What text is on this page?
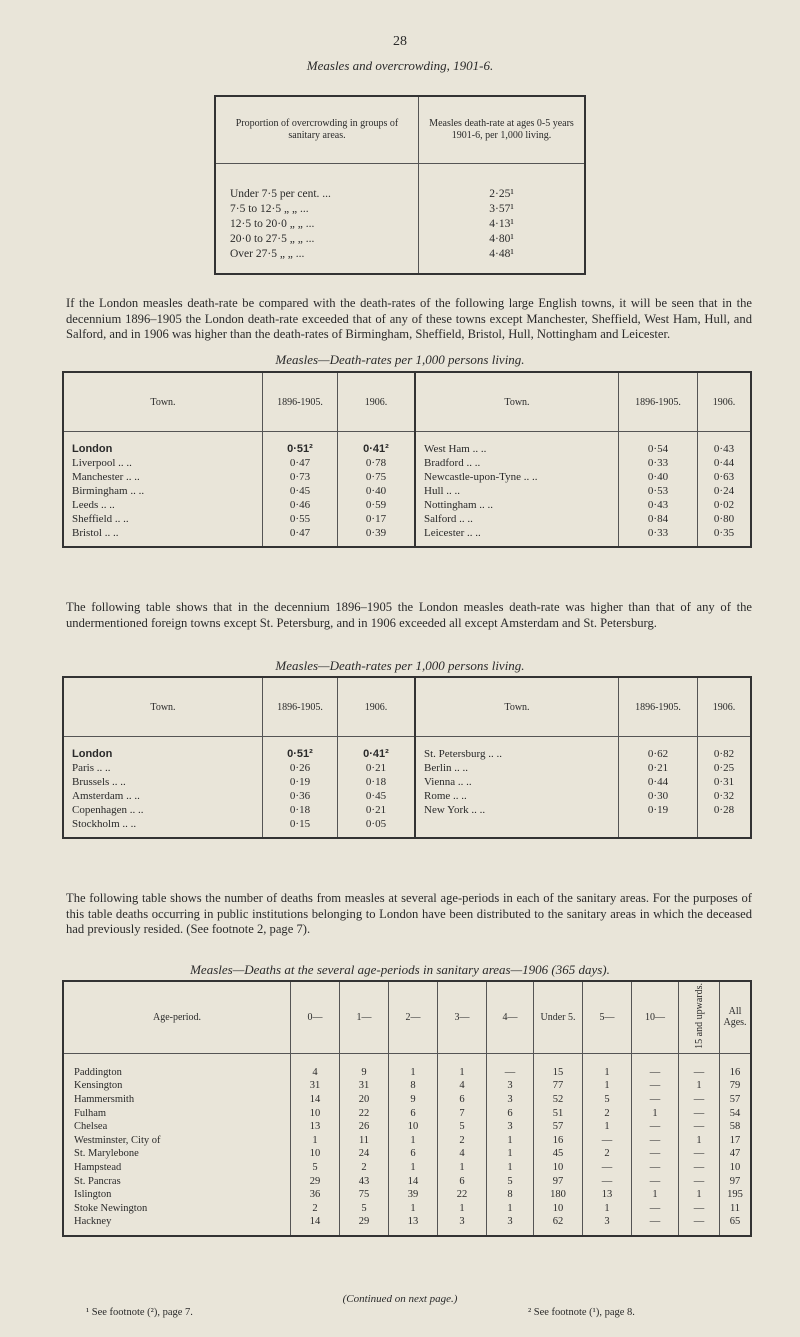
28
Measles and overcrowding, 1901-6.
Proportion of overcrowding in groups of sanitary areas.	Measles death-rate at ages 0-5 years 1901-6, per 1,000 living.
Under 7·5 per cent. ...	2·25¹
7·5 to 12·5 „ „ ...	3·57¹
12·5 to 20·0 „ „ ...	4·13¹
20·0 to 27·5 „ „ ...	4·80¹
Over 27·5 „ „ ...	4·48¹
If the London measles death-rate be compared with the death-rates of the following large English towns, it will be seen that in the decennium 1896–1905 the London death-rate exceeded that of any of these towns except Manchester, Sheffield, West Ham, Hull, and Salford, and in 1906 was higher than the death-rates of Birmingham, Sheffield, Bristol, Hull, Nottingham and Leicester.
Measles—Death-rates per 1,000 persons living.
Town.	1896-1905.	1906.	Town.	1896-1905.	1906.
London	0·51²	0·41²	West Ham .. ..	0·54	0·43
Liverpool .. ..	0·47	0·78	Bradford .. ..	0·33	0·44
Manchester .. ..	0·73	0·75	Newcastle-upon-Tyne .. ..	0·40	0·63
Birmingham .. ..	0·45	0·40	Hull .. ..	0·53	0·24
Leeds .. ..	0·46	0·59	Nottingham .. ..	0·43	0·02
Sheffield .. ..	0·55	0·17	Salford .. ..	0·84	0·80
Bristol .. ..	0·47	0·39	Leicester .. ..	0·33	0·35
The following table shows that in the decennium 1896–1905 the London measles death-rate was higher than that of any of the undermentioned foreign towns except St. Petersburg, and in 1906 exceeded all except Amsterdam and St. Petersburg.
Measles—Death-rates per 1,000 persons living.
Town.	1896-1905.	1906.	Town.	1896-1905.	1906.
London	0·51²	0·41²	St. Petersburg .. ..	0·62	0·82
Paris .. ..	0·26	0·21	Berlin .. ..	0·21	0·25
Brussels .. ..	0·19	0·18	Vienna .. ..	0·44	0·31
Amsterdam .. ..	0·36	0·45	Rome .. ..	0·30	0·32
Copenhagen .. ..	0·18	0·21	New York .. ..	0·19	0·28
Stockholm .. ..	0·15	0·05			
The following table shows the number of deaths from measles at several age-periods in each of the sanitary areas. For the purposes of this table deaths occurring in public institutions belonging to London have been distributed to the sanitary areas in which the deceased had previously resided. (See footnote 2, page 7).
Measles—Deaths at the several age-periods in sanitary areas—1906 (365 days).
Age-period.	0—	1—	2—	3—	4—	Under 5.	5—	10—	15 and upwards.	All Ages.
Paddington	4	9	1	1	—	15	1	—	—	16
Kensington	31	31	8	4	3	77	1	—	1	79
Hammersmith	14	20	9	6	3	52	5	—	—	57
Fulham	10	22	6	7	6	51	2	1	—	54
Chelsea	13	26	10	5	3	57	1	—	—	58
Westminster, City of	1	11	1	2	1	16	—	—	1	17
St. Marylebone	10	24	6	4	1	45	2	—	—	47
Hampstead	5	2	1	1	1	10	—	—	—	10
St. Pancras	29	43	14	6	5	97	—	—	—	97
Islington	36	75	39	22	8	180	13	1	1	195
Stoke Newington	2	5	1	1	1	10	1	—	—	11
Hackney	14	29	13	3	3	62	3	—	—	65
(Continued on next page.)
¹ See footnote (²), page 7.	² See footnote (¹), page 8.
